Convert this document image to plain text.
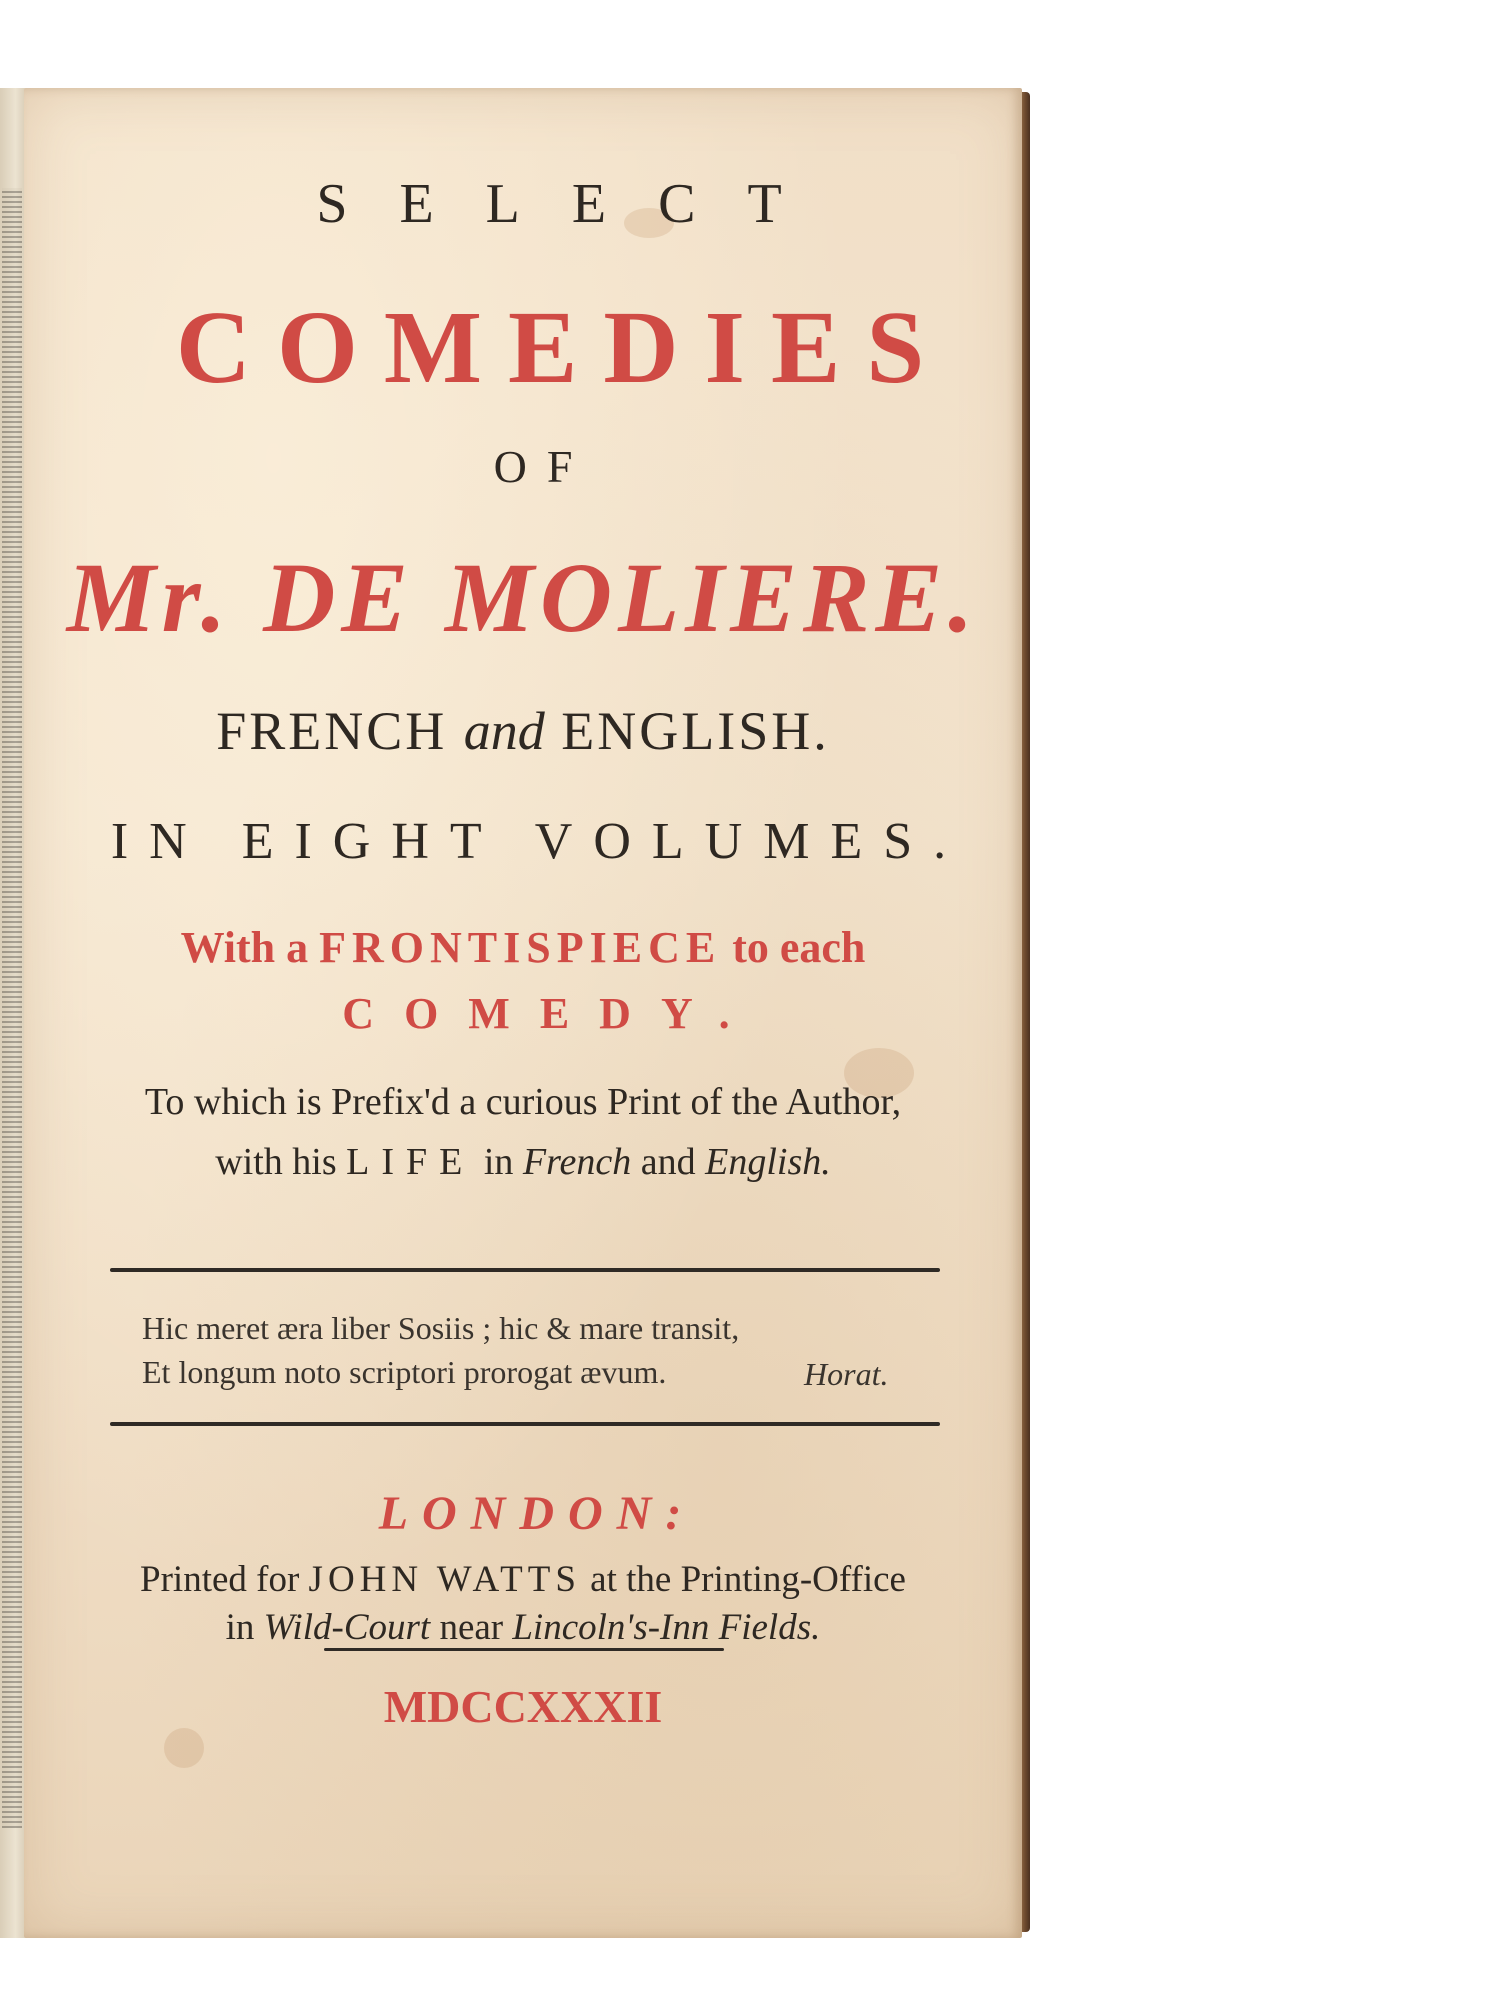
SELECT
COMEDIES
OF
Mr. DE MOLIERE.
FRENCH and ENGLISH.
IN EIGHT VOLUMES.
With a FRONTISPIECE to each
COMEDY.
To which is Prefix'd a curious Print of the Author,
with his LIFE in French and English.
Hic meret æra liber Sosiis ; hic & mare transit,
Et longum noto scriptori prorogat ævum.	Horat.
LONDON:
Printed for JOHN WATTS at the Printing-Office
in Wild-Court near Lincoln's-Inn Fields.
MDCCXXXII
